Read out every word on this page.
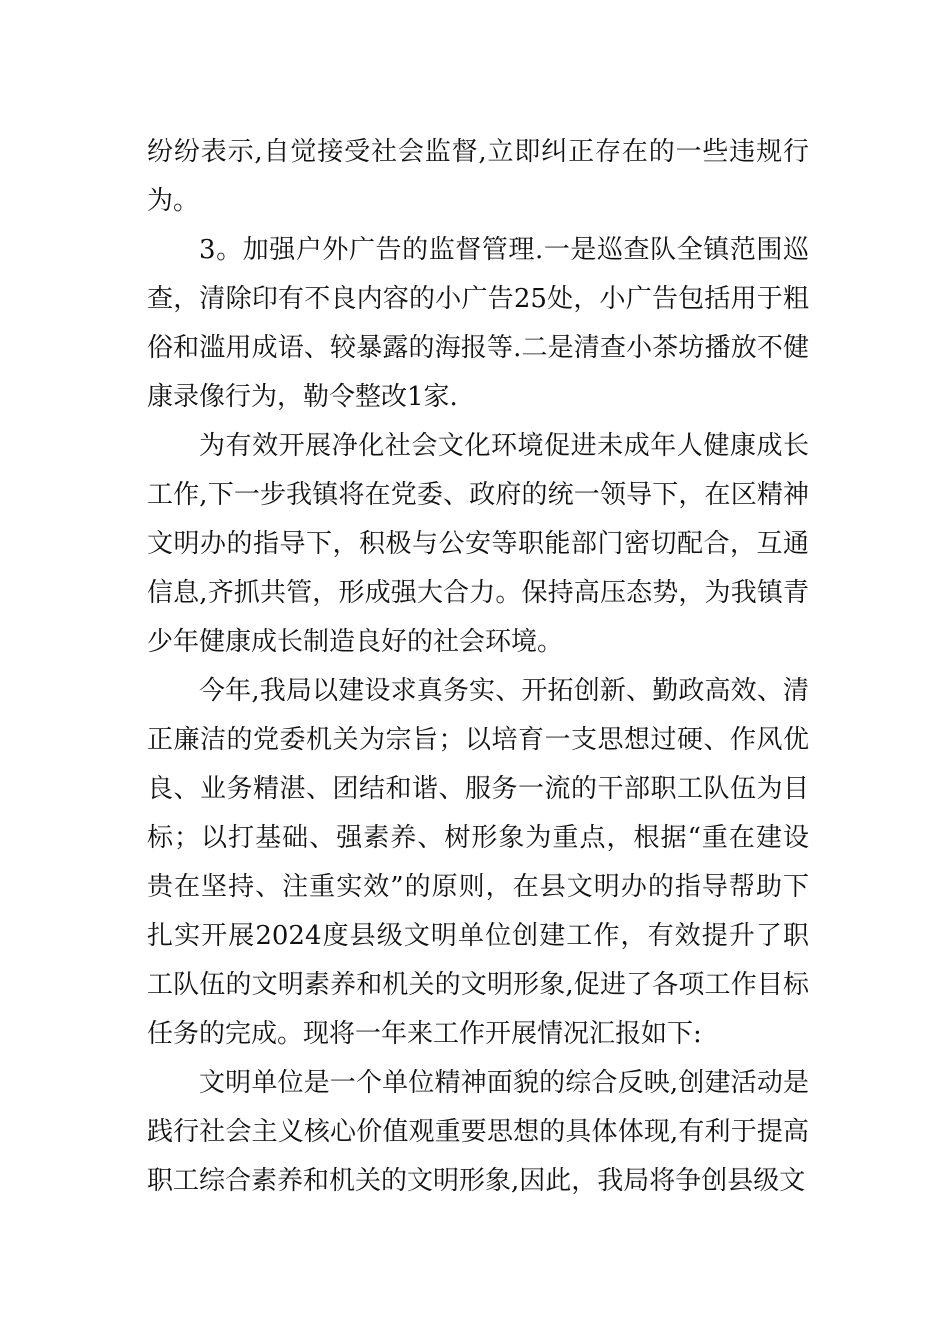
纷纷表示,自觉接受社会监督,立即纠正存在的一些违规行为。

3。加强户外广告的监督管理.一是巡查队全镇范围巡查，清除印有不良内容的小广告25处，小广告包括用于粗俗和滥用成语、较暴露的海报等.二是清查小茶坊播放不健康录像行为，勒令整改1家.

为有效开展净化社会文化环境促进未成年人健康成长工作,下一步我镇将在党委、政府的统一领导下，在区精神文明办的指导下，积极与公安等职能部门密切配合，互通信息,齐抓共管，形成强大合力。保持高压态势，为我镇青少年健康成长制造良好的社会环境。

今年,我局以建设求真务实、开拓创新、勤政高效、清正廉洁的党委机关为宗旨；以培育一支思想过硬、作风优良、业务精湛、团结和谐、服务一流的干部职工队伍为目标；以打基础、强素养、树形象为重点，根据“重在建设贵在坚持、注重实效”的原则，在县文明办的指导帮助下扎实开展2024度县级文明单位创建工作，有效提升了职工队伍的文明素养和机关的文明形象,促进了各项工作目标任务的完成。现将一年来工作开展情况汇报如下:

文明单位是一个单位精神面貌的综合反映,创建活动是践行社会主义核心价值观重要思想的具体体现,有利于提高职工综合素养和机关的文明形象,因此，我局将争创县级文
